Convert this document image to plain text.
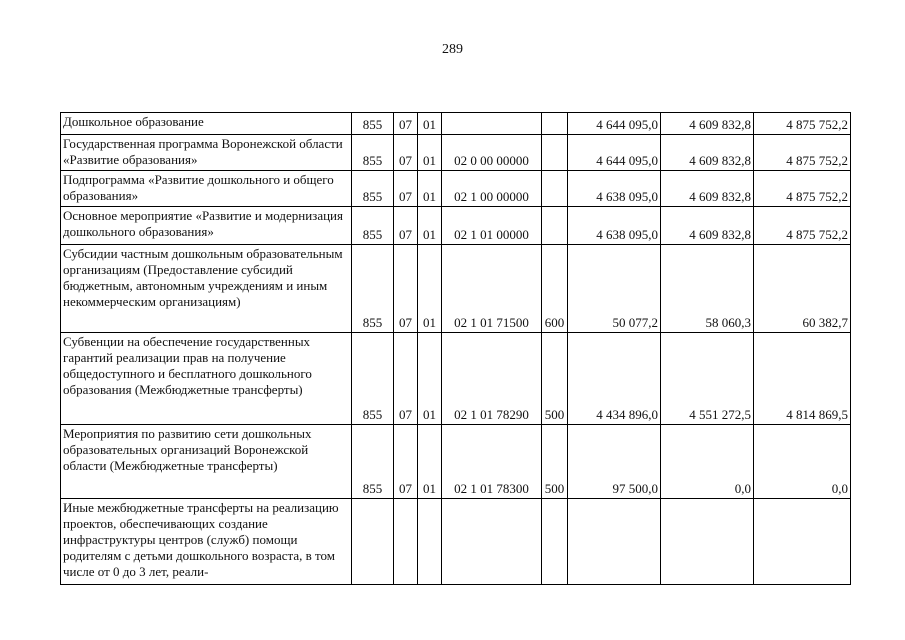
289
Дошкольное образование	855	07	01			4 644 095,0	4 609 832,8	4 875 752,2
Государственная программа Воронежской области «Развитие образования»	855	07	01	02 0 00 00000		4 644 095,0	4 609 832,8	4 875 752,2
Подпрограмма «Развитие дошкольного и общего образования»	855	07	01	02 1 00 00000		4 638 095,0	4 609 832,8	4 875 752,2
Основное мероприятие «Развитие и модернизация дошкольного образования»	855	07	01	02 1 01 00000		4 638 095,0	4 609 832,8	4 875 752,2
Субсидии частным дошкольным образовательным организациям (Предоставление субсидий бюджетным, автономным учреждениям и иным некоммерческим организациям)	855	07	01	02 1 01 71500	600	50 077,2	58 060,3	60 382,7
Субвенции на обеспечение государственных гарантий реализации прав на получение общедоступного и бесплатного дошкольного образования (Межбюджетные трансферты)	855	07	01	02 1 01 78290	500	4 434 896,0	4 551 272,5	4 814 869,5
Мероприятия по развитию сети дошкольных образовательных организаций Воронежской области (Межбюджетные трансферты)	855	07	01	02 1 01 78300	500	97 500,0	0,0	0,0
Иные межбюджетные трансферты на реализацию проектов, обеспечивающих создание инфраструктуры центров (служб) помощи родителям с детьми дошкольного возраста, в том числе от 0 до 3 лет, реали-								
